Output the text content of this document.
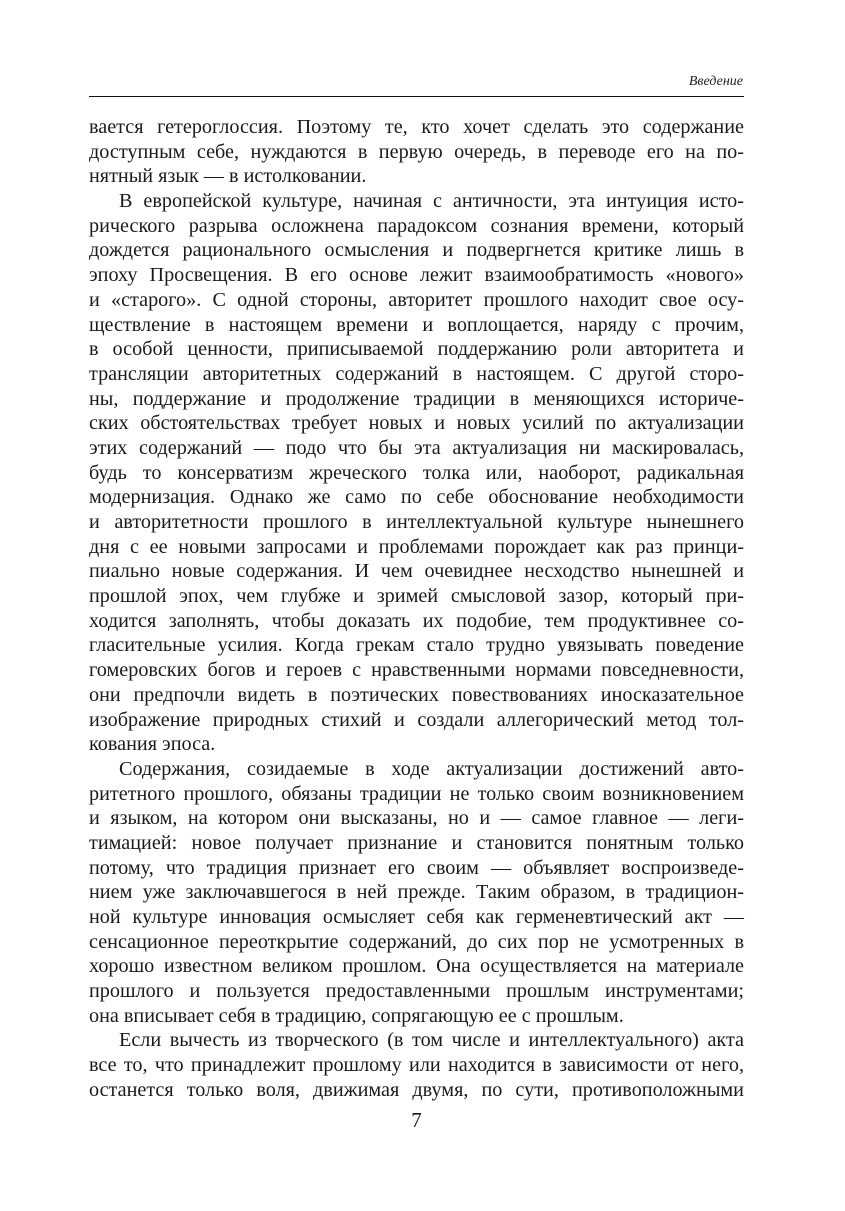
Введение
вается гетероглоссия. Поэтому те, кто хочет сделать это содержание
доступным себе, нуждаются в первую очередь, в переводе его на по-
нятный язык — в истолковании.
В европейской культуре, начиная с античности, эта интуиция исто-
рического разрыва осложнена парадоксом сознания времени, который
дождется рационального осмысления и подвергнется критике лишь в
эпоху Просвещения. В его основе лежит взаимообратимость «нового»
и «старого». С одной стороны, авторитет прошлого находит свое осу-
ществление в настоящем времени и воплощается, наряду с прочим,
в особой ценности, приписываемой поддержанию роли авторитета и
трансляции авторитетных содержаний в настоящем. С другой сторо-
ны, поддержание и продолжение традиции в меняющихся историче-
ских обстоятельствах требует новых и новых усилий по актуализации
этих содержаний — подо что бы эта актуализация ни маскировалась,
будь то консерватизм жреческого толка или, наоборот, радикальная
модернизация. Однако же само по себе обоснование необходимости
и авторитетности прошлого в интеллектуальной культуре нынешнего
дня с ее новыми запросами и проблемами порождает как раз принци-
пиально новые содержания. И чем очевиднее несходство нынешней и
прошлой эпох, чем глубже и зримей смысловой зазор, который при-
ходится заполнять, чтобы доказать их подобие, тем продуктивнее со-
гласительные усилия. Когда грекам стало трудно увязывать поведение
гомеровских богов и героев с нравственными нормами повседневности,
они предпочли видеть в поэтических повествованиях иносказательное
изображение природных стихий и создали аллегорический метод тол-
кования эпоса.
Содержания, созидаемые в ходе актуализации достижений авто-
ритетного прошлого, обязаны традиции не только своим возникновением
и языком, на котором они высказаны, но и — самое главное — леги-
тимацией: новое получает признание и становится понятным только
потому, что традиция признает его своим — объявляет воспроизведе-
нием уже заключавшегося в ней прежде. Таким образом, в традицион-
ной культуре инновация осмысляет себя как герменевтический акт —
сенсационное переоткрытие содержаний, до сих пор не усмотренных в
хорошо известном великом прошлом. Она осуществляется на материале
прошлого и пользуется предоставленными прошлым инструментами;
она вписывает себя в традицию, сопрягающую ее с прошлым.
Если вычесть из творческого (в том числе и интеллектуального) акта
все то, что принадлежит прошлому или находится в зависимости от него,
останется только воля, движимая двумя, по сути, противоположными
7
